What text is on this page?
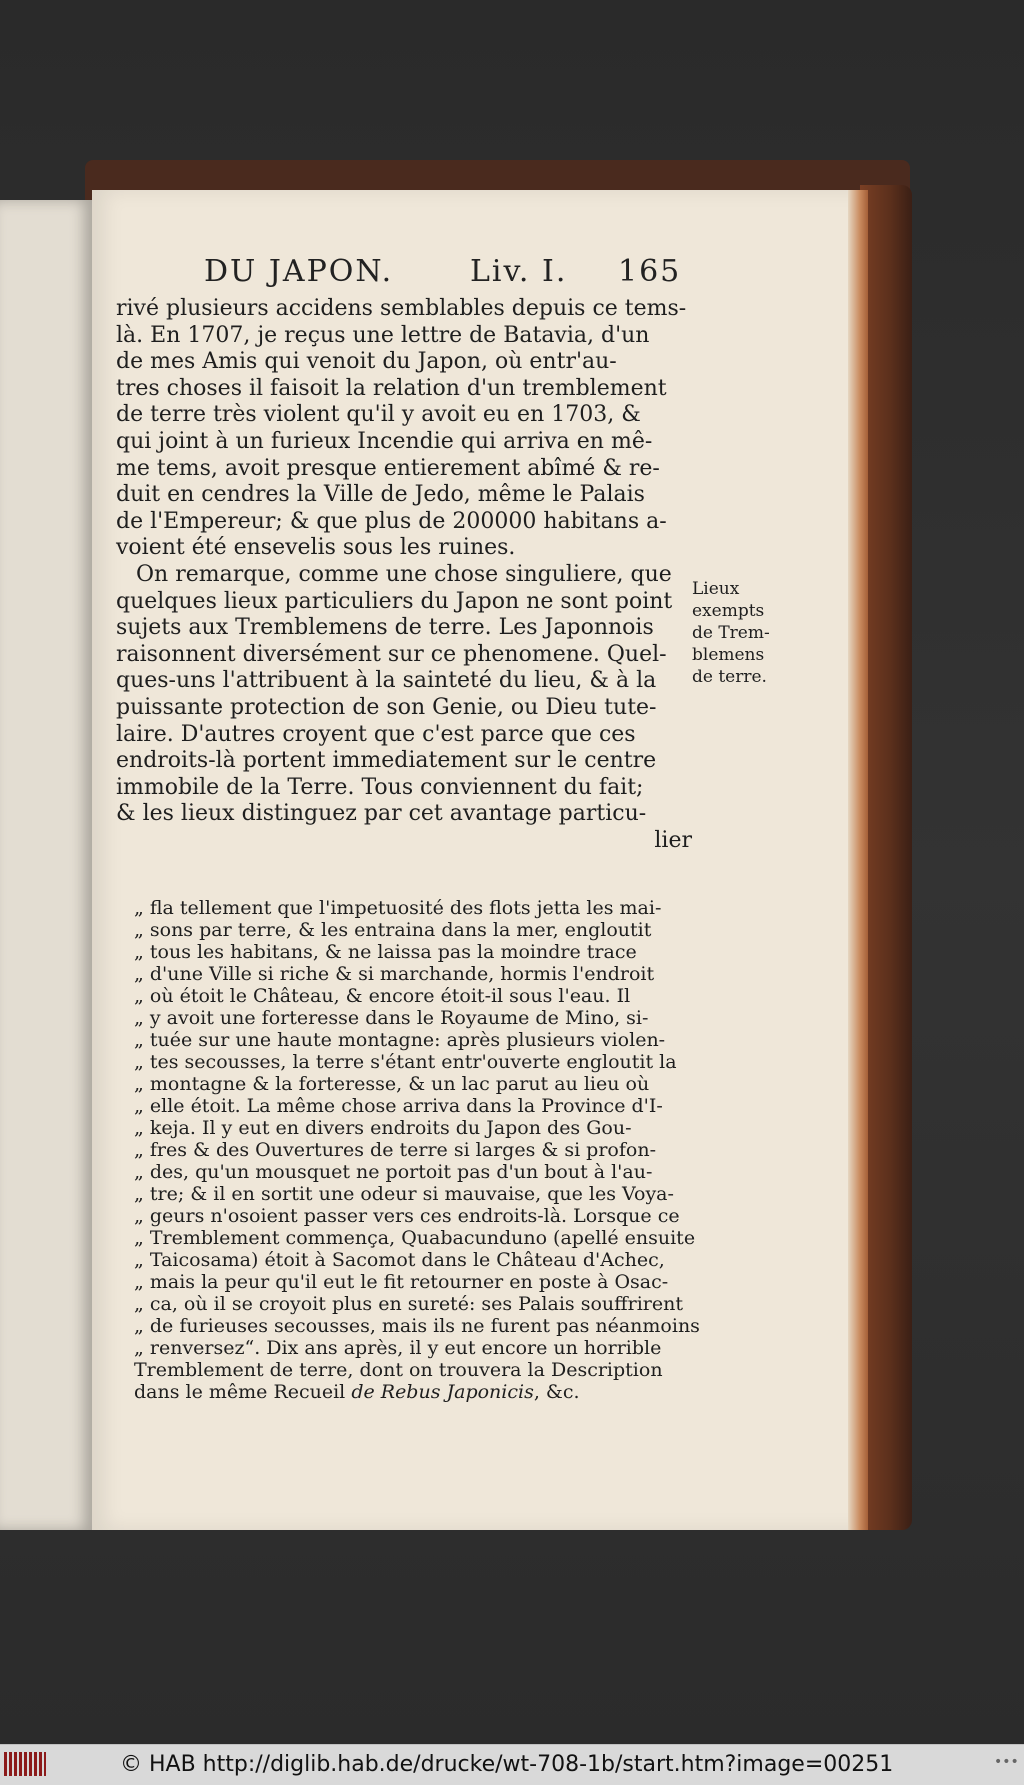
DU JAPON.	Liv. I. 165
rivé plusieurs accidens semblables depuis ce tems-
là. En 1707, je reçus une lettre de Batavia, d'un
de mes Amis qui venoit du Japon, où entr'au-
tres choses il faisoit la relation d'un tremblement
de terre très violent qu'il y avoit eu en 1703, &
qui joint à un furieux Incendie qui arriva en mê-
me tems, avoit presque entierement abîmé & re-
duit en cendres la Ville de Jedo, même le Palais
de l'Empereur; & que plus de 200000 habitans a-
voient été ensevelis sous les ruines.
On remarque, comme une chose singuliere, que
quelques lieux particuliers du Japon ne sont point
sujets aux Tremblemens de terre. Les Japonnois
raisonnent diversément sur ce phenomene. Quel-
ques-uns l'attribuent à la sainteté du lieu, & à la
puissante protection de son Genie, ou Dieu tute-
laire. D'autres croyent que c'est parce que ces
endroits-là portent immediatement sur le centre
immobile de la Terre. Tous conviennent du fait;
& les lieux distinguez par cet avantage particu-
lier
Lieux
exempts
de Trem-
blemens
de terre.
„ fla tellement que l'impetuosité des flots jetta les mai-
„ sons par terre, & les entraina dans la mer, engloutit
„ tous les habitans, & ne laissa pas la moindre trace
„ d'une Ville si riche & si marchande, hormis l'endroit
„ où étoit le Château, & encore étoit-il sous l'eau. Il
„ y avoit une forteresse dans le Royaume de Mino, si-
„ tuée sur une haute montagne: après plusieurs violen-
„ tes secousses, la terre s'étant entr'ouverte engloutit la
„ montagne & la forteresse, & un lac parut au lieu où
„ elle étoit. La même chose arriva dans la Province d'I-
„ keja. Il y eut en divers endroits du Japon des Gou-
„ fres & des Ouvertures de terre si larges & si profon-
„ des, qu'un mousquet ne portoit pas d'un bout à l'au-
„ tre; & il en sortit une odeur si mauvaise, que les Voya-
„ geurs n'osoient passer vers ces endroits-là. Lorsque ce
„ Tremblement commença, Quabacunduno (apellé ensuite
„ Taicosama) étoit à Sacomot dans le Château d'Achec,
„ mais la peur qu'il eut le fit retourner en poste à Osac-
„ ca, où il se croyoit plus en sureté: ses Palais souffrirent
„ de furieuses secousses, mais ils ne furent pas néanmoins
„ renversez“. Dix ans après, il y eut encore un horrible
Tremblement de terre, dont on trouvera la Description
dans le même Recueil de Rebus Japonicis, &c.
© HAB http://diglib.hab.de/drucke/wt-708-1b/start.htm?image=00251	•••
